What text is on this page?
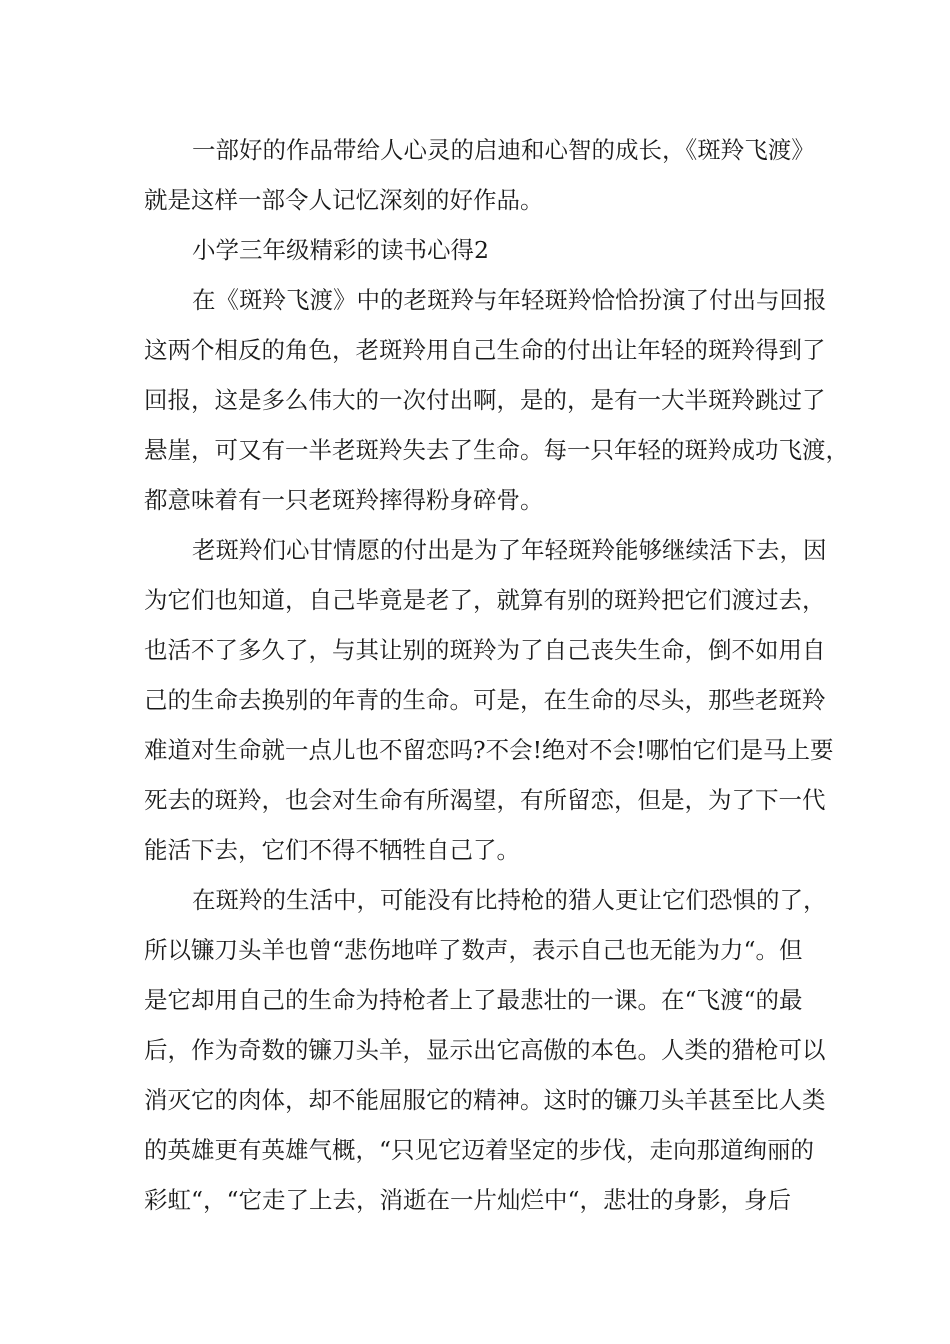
一部好的作品带给人心灵的启迪和心智的成长，《斑羚飞渡》
就是这样一部令人记忆深刻的好作品。
小学三年级精彩的读书心得2
在《斑羚飞渡》中的老斑羚与年轻斑羚恰恰扮演了付出与回报
这两个相反的角色，老斑羚用自己生命的付出让年轻的斑羚得到了
回报，这是多么伟大的一次付出啊，是的，是有一大半斑羚跳过了
悬崖，可又有一半老斑羚失去了生命。每一只年轻的斑羚成功飞渡，
都意味着有一只老斑羚摔得粉身碎骨。
老斑羚们心甘情愿的付出是为了年轻斑羚能够继续活下去，因
为它们也知道，自己毕竟是老了，就算有别的斑羚把它们渡过去，
也活不了多久了，与其让别的斑羚为了自己丧失生命，倒不如用自
己的生命去换别的年青的生命。可是，在生命的尽头，那些老斑羚
难道对生命就一点儿也不留恋吗?不会!绝对不会!哪怕它们是马上要
死去的斑羚，也会对生命有所渴望，有所留恋，但是，为了下一代
能活下去，它们不得不牺牲自己了。
在斑羚的生活中，可能没有比持枪的猎人更让它们恐惧的了，
所以镰刀头羊也曾“悲伤地咩了数声，表示自己也无能为力“。但
是它却用自己的生命为持枪者上了最悲壮的一课。在“飞渡“的最
后，作为奇数的镰刀头羊，显示出它高傲的本色。人类的猎枪可以
消灭它的肉体，却不能屈服它的精神。这时的镰刀头羊甚至比人类
的英雄更有英雄气概，“只见它迈着坚定的步伐，走向那道绚丽的
彩虹“，“它走了上去，消逝在一片灿烂中“，悲壮的身影，身后
